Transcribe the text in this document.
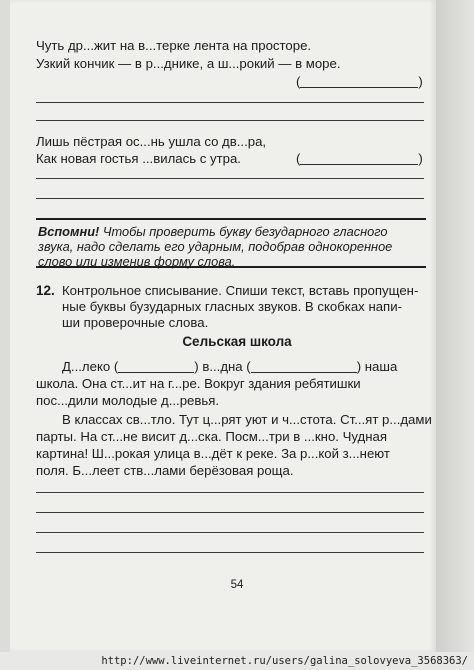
Чуть др...жит на в...терке лента на просторе.
Узкий кончик — в р...днике, а ш...рокий — в море.
(	)
Лишь пёстрая ос...нь ушла со дв...ра,
Как новая гостья ...вилась с утра.	(	)
Вспомни! Чтобы проверить букву безударного гласного звука, надо сделать его ударным, подобрав однокоренное слово или изменив форму слова.
12. Контрольное списывание. Спиши текст, вставь пропущен-
ные буквы бузударных гласных звуков. В скобках напи-
ши проверочные слова.
Сельская школа
Д...леко (	) в...дна (	) наша
школа. Она ст...ит на г...ре. Вокруг здания ребятишки
пос...дили молодые д...ревья.
В классах св...тло. Тут ц...рят уют и ч...стота. Ст...ят р...дами
парты. На ст...не висит д...ска. Посм...три в ...кно. Чудная
картина! Ш...рокая улица в...дёт к реке. За р...кой з...неют
поля. Б...леет ств...лами берёзовая роща.
54
http://www.liveinternet.ru/users/galina_solovyeva_3568363/
